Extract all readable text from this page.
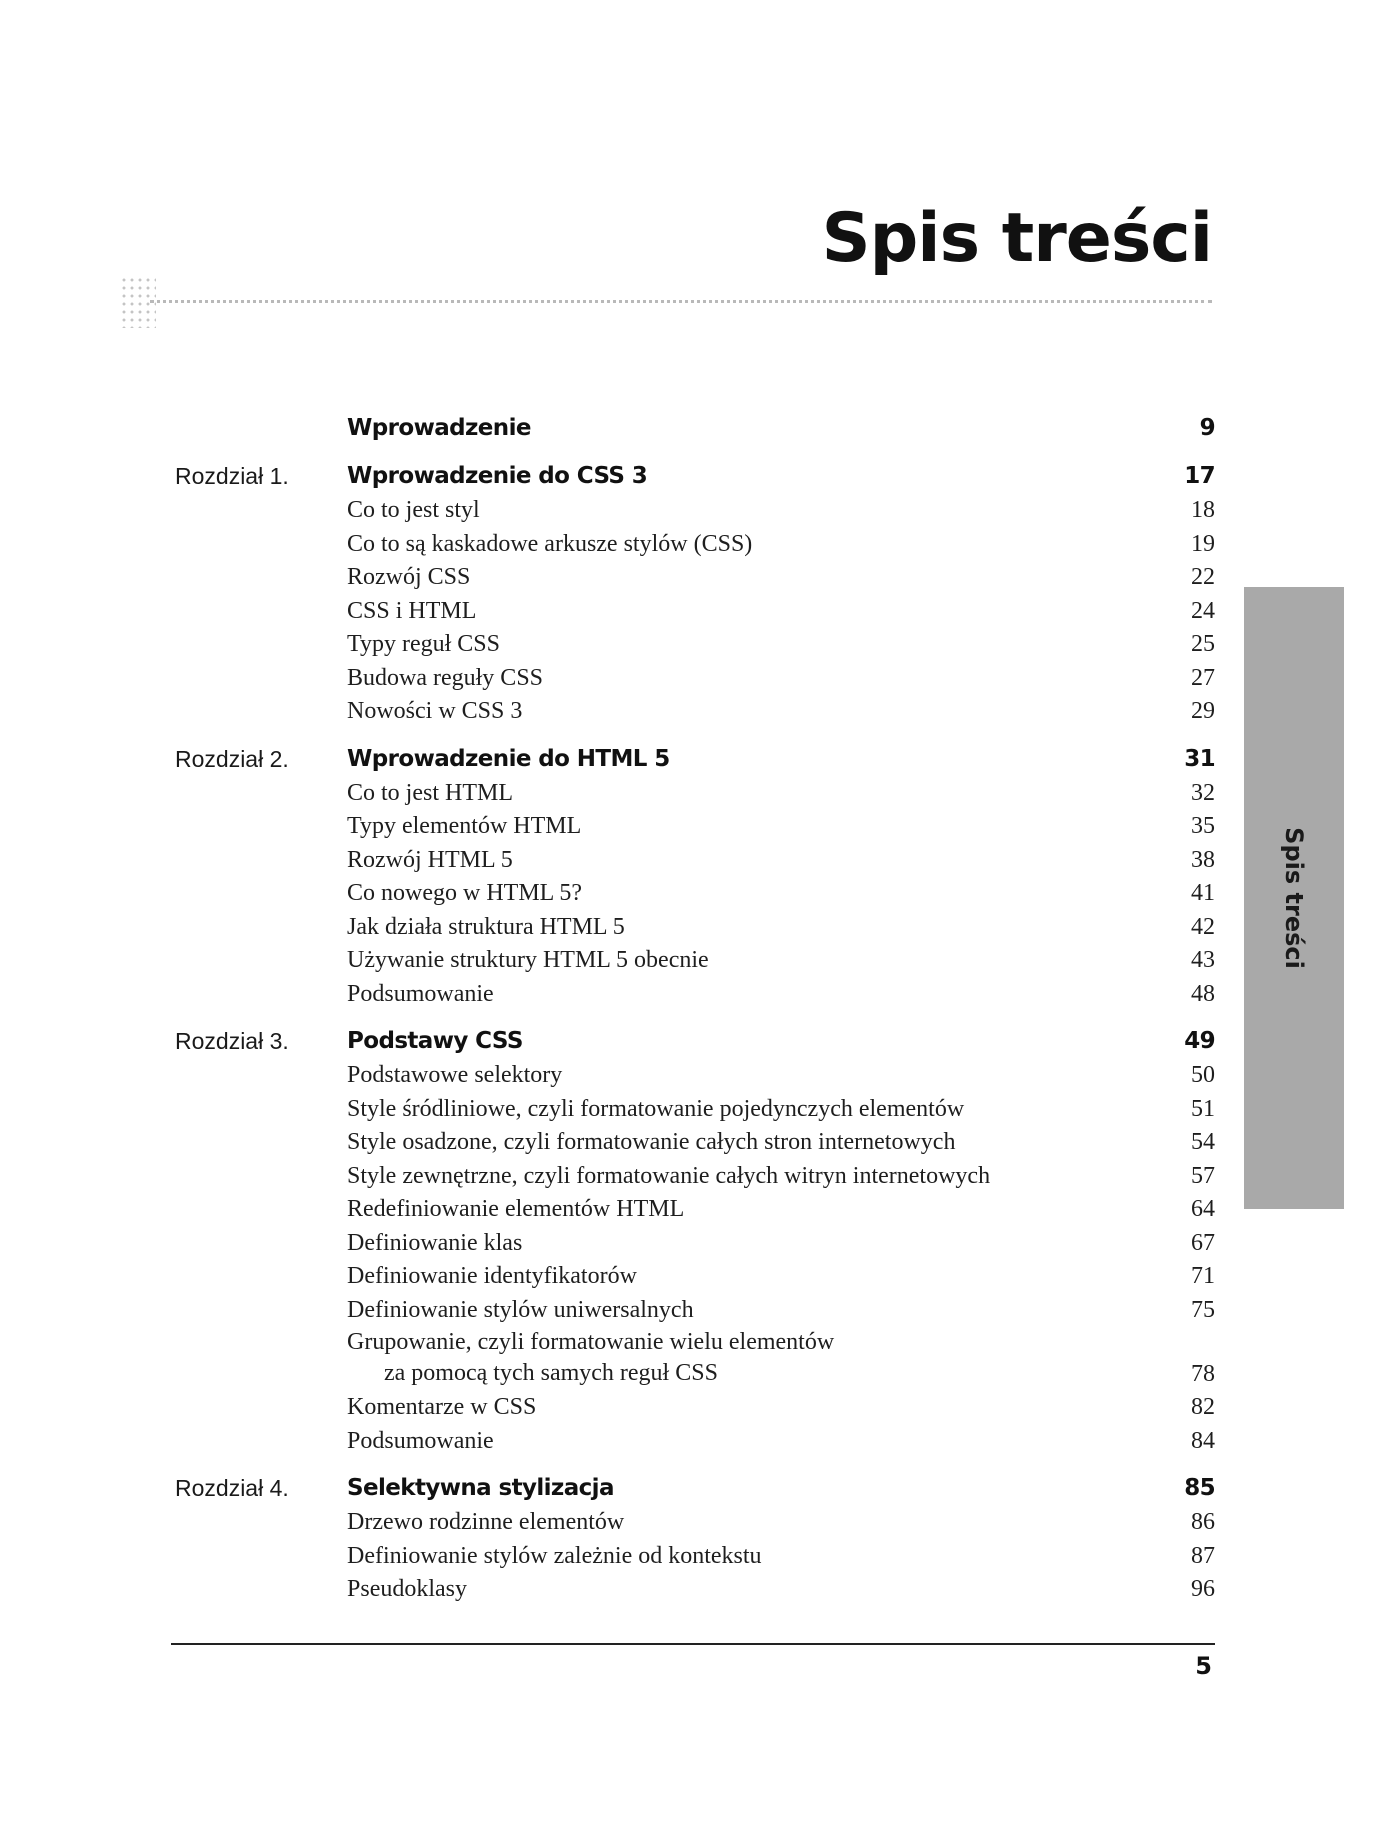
Spis treści
Spis treści
Wprowadzenie	9
Rozdział 1.	Wprowadzenie do CSS 3	17
Co to jest styl	18
Co to są kaskadowe arkusze stylów (CSS)	19
Rozwój CSS	22
CSS i HTML	24
Typy reguł CSS	25
Budowa reguły CSS	27
Nowości w CSS 3	29
Rozdział 2.	Wprowadzenie do HTML 5	31
Co to jest HTML	32
Typy elementów HTML	35
Rozwój HTML 5	38
Co nowego w HTML 5?	41
Jak działa struktura HTML 5	42
Używanie struktury HTML 5 obecnie	43
Podsumowanie	48
Rozdział 3.	Podstawy CSS	49
Podstawowe selektory	50
Style śródliniowe, czyli formatowanie pojedynczych elementów	51
Style osadzone, czyli formatowanie całych stron internetowych	54
Style zewnętrzne, czyli formatowanie całych witryn internetowych	57
Redefiniowanie elementów HTML	64
Definiowanie klas	67
Definiowanie identyfikatorów	71
Definiowanie stylów uniwersalnych	75
Grupowanie, czyli formatowanie wielu elementów
za pomocą tych samych reguł CSS	78
Komentarze w CSS	82
Podsumowanie	84
Rozdział 4.	Selektywna stylizacja	85
Drzewo rodzinne elementów	86
Definiowanie stylów zależnie od kontekstu	87
Pseudoklasy	96
5
